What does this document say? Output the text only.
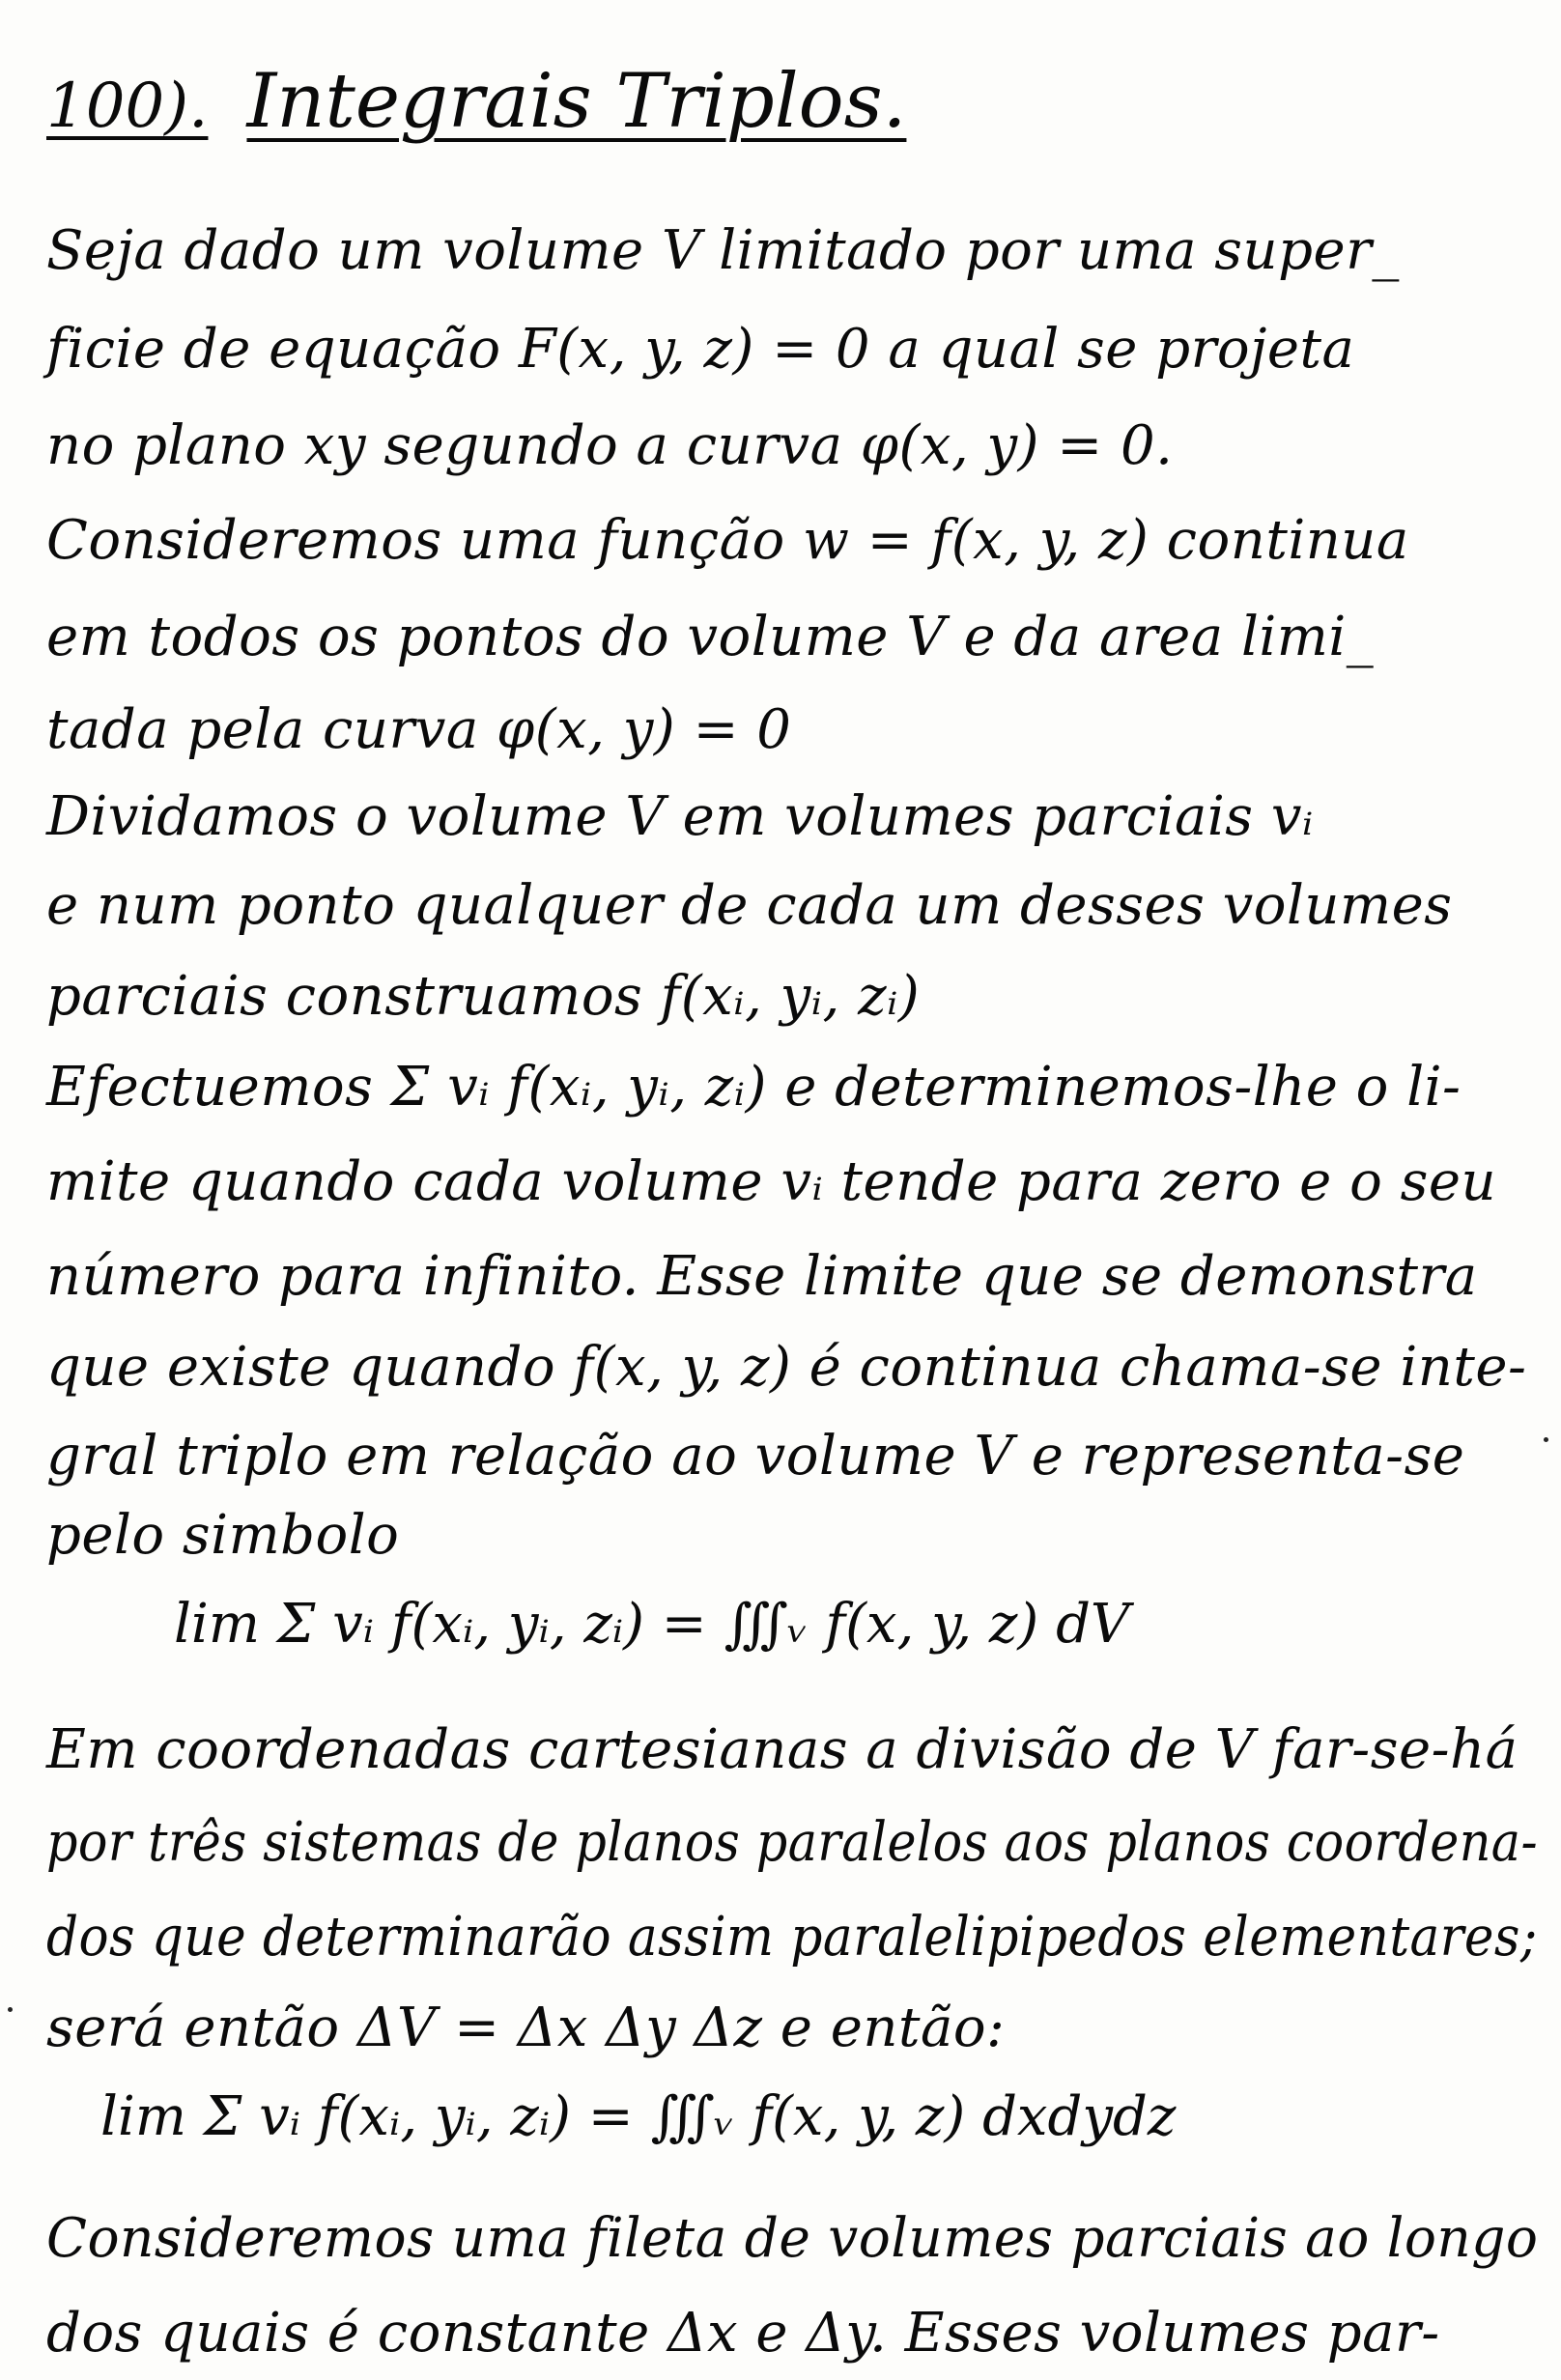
100). Integrais Triplos.
Seja dado um volume V limitado por uma super_
ficie de equação F(x, y, z) = 0 a qual se projeta
no plano xy segundo a curva φ(x, y) = 0.
Consideremos uma função w = f(x, y, z) continua
em todos os pontos do volume V e da area limi_
tada pela curva φ(x, y) = 0
Dividamos o volume V em volumes parciais vᵢ
e num ponto qualquer de cada um desses volumes
parciais construamos f(xᵢ, yᵢ, zᵢ)
Efectuemos Σ vᵢ f(xᵢ, yᵢ, zᵢ) e determinemos-lhe o li-
mite quando cada volume vᵢ tende para zero e o seu
número para infinito. Esse limite que se demonstra
que existe quando f(x, y, z) é continua chama-se inte-
gral triplo em relação ao volume V e representa-se
pelo simbolo
lim Σ vᵢ f(xᵢ, yᵢ, zᵢ) = ∭ᵥ f(x, y, z) dV
Em coordenadas cartesianas a divisão de V far-se-há
por três sistemas de planos paralelos aos planos coordena-
dos que determinarão assim paralelipipedos elementares;
será então ΔV = Δx Δy Δz e então:
lim Σ vᵢ f(xᵢ, yᵢ, zᵢ) = ∭ᵥ f(x, y, z) dxdydz
Consideremos uma fileta de volumes parciais ao longo
dos quais é constante Δx e Δy. Esses volumes par-
